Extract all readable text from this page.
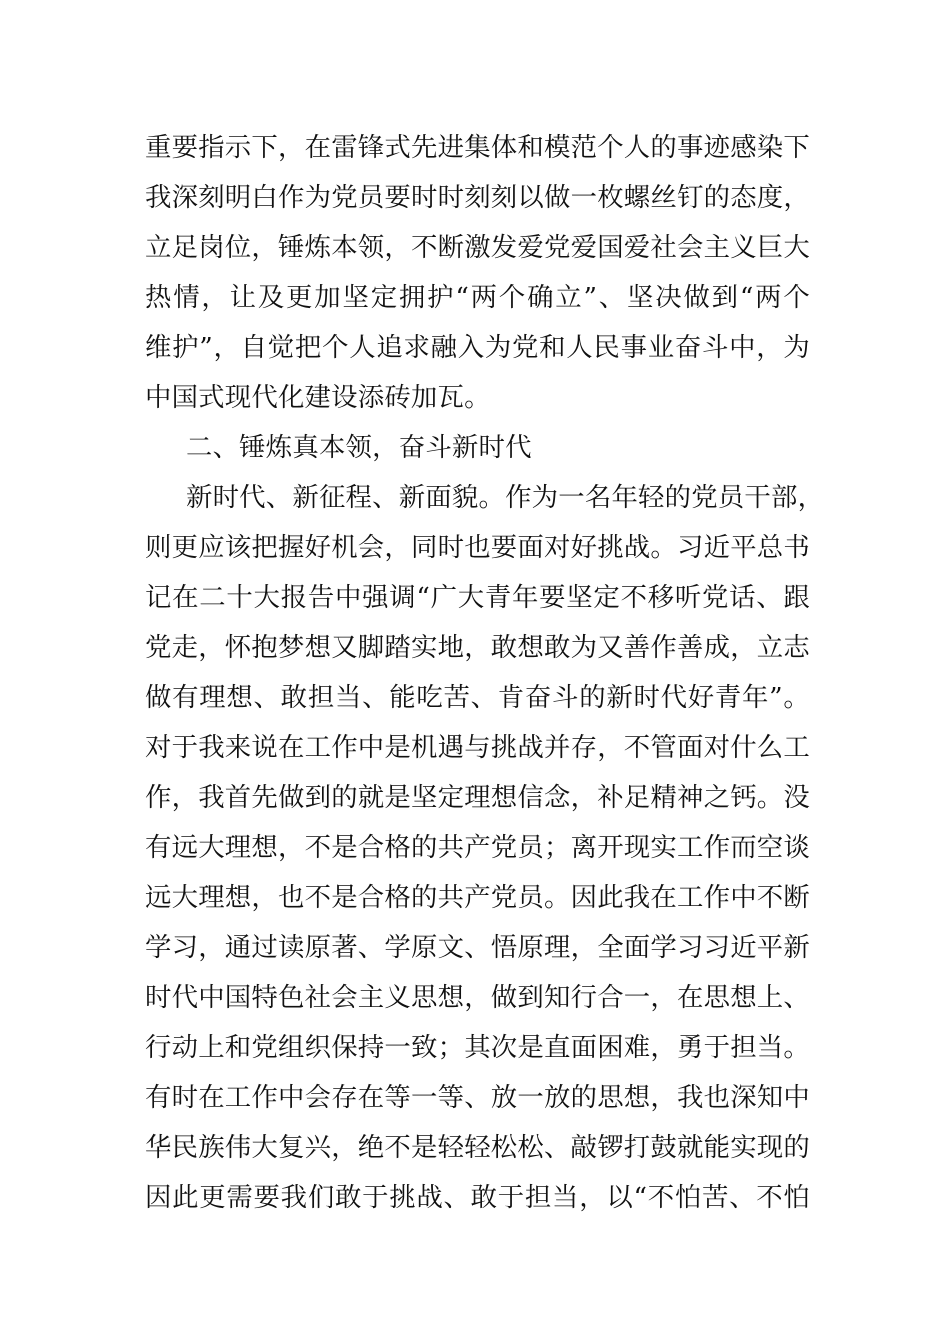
重要指示下，在雷锋式先进集体和模范个人的事迹感染下
我深刻明白作为党员要时时刻刻以做一枚螺丝钉的态度，
立足岗位，锤炼本领，不断激发爱党爱国爱社会主义巨大
热情，让及更加坚定拥护“两个确立”、坚决做到“两个
维护”，自觉把个人追求融入为党和人民事业奋斗中，为
中国式现代化建设添砖加瓦。
二、锤炼真本领，奋斗新时代
新时代、新征程、新面貌。作为一名年轻的党员干部，
则更应该把握好机会，同时也要面对好挑战。习近平总书
记在二十大报告中强调“广大青年要坚定不移听党话、跟
党走，怀抱梦想又脚踏实地，敢想敢为又善作善成，立志
做有理想、敢担当、能吃苦、肯奋斗的新时代好青年”。
对于我来说在工作中是机遇与挑战并存，不管面对什么工
作，我首先做到的就是坚定理想信念，补足精神之钙。没
有远大理想，不是合格的共产党员；离开现实工作而空谈
远大理想，也不是合格的共产党员。因此我在工作中不断
学习，通过读原著、学原文、悟原理，全面学习习近平新
时代中国特色社会主义思想，做到知行合一，在思想上、
行动上和党组织保持一致；其次是直面困难，勇于担当。
有时在工作中会存在等一等、放一放的思想，我也深知中
华民族伟大复兴，绝不是轻轻松松、敲锣打鼓就能实现的
因此更需要我们敢于挑战、敢于担当，以“不怕苦、不怕
